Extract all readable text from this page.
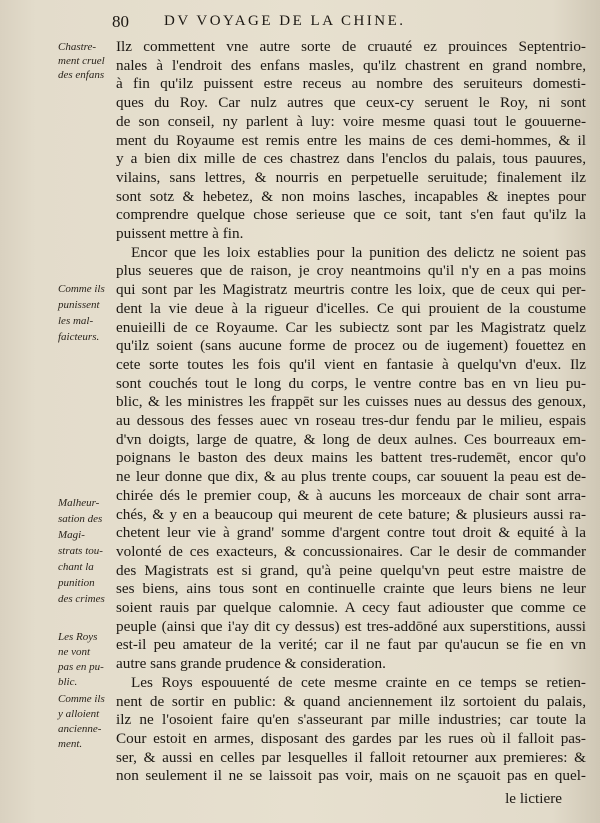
80 DV VOYAGE DE LA CHINE.
Chastre-
ment cruel
des enfans
Comme ils
punissent
les mal-
faicteurs.
Malheur-
sation des
Magi-
strats tou-
chant la
punition
des crimes
Les Roys
ne vont
pas en pu-
blic.
Comme ils
y alloient
ancienne-
ment.

Ilz commettent vne autre sorte de cruauté ez prouinces Septentrio-

nales à l'endroit des enfans masles, qu'ilz chastrent en grand nombre,

à fin qu'ilz puissent estre receus au nombre des seruiteurs domesti-

ques du Roy. Car nulz autres que ceux-cy seruent le Roy, ni sont

de son conseil, ny parlent à luy: voire mesme quasi tout le gouuerne-

ment du Royaume est remis entre les mains de ces demi-hommes, & il

y a bien dix mille de ces chastrez dans l'enclos du palais, tous pauures,

vilains, sans lettres, & nourris en perpetuelle seruitude; finalement ilz

sont sotz & hebetez, & non moins lasches, incapables & ineptes pour

comprendre quelque chose serieuse que ce soit, tant s'en faut qu'ilz la

puissent mettre à fin.

Encor que les loix establies pour la punition des delictz ne soient pas

plus seueres que de raison, je croy neantmoins qu'il n'y en a pas moins

qui sont par les Magistratz meurtris contre les loix, que de ceux qui per-

dent la vie deue à la rigueur d'icelles. Ce qui prouient de la coustume

enuieilli de ce Royaume. Car les subiectz sont par les Magistratz quelz

qu'ilz soient (sans aucune forme de procez ou de iugement) fouettez en

cete sorte toutes les fois qu'il vient en fantasie à quelqu'vn d'eux. Ilz

sont couchés tout le long du corps, le ventre contre bas en vn lieu pu-

blic, & les ministres les frappēt sur les cuisses nues au dessus des genoux,

au dessous des fesses auec vn roseau tres-dur fendu par le milieu, espais

d'vn doigts, large de quatre, & long de deux aulnes. Ces bourreaux em-

poignans le baston des deux mains les battent tres-rudemēt, encor qu'o

ne leur donne que dix, & au plus trente coups, car souuent la peau est de-

chirée dés le premier coup, & à aucuns les morceaux de chair sont arra-

chés, & y en a beaucoup qui meurent de cete bature; & plusieurs aussi ra-

chetent leur vie à grand' somme d'argent contre tout droit & equité à la

volonté de ces exacteurs, & concussionaires. Car le desir de commander

des Magistrats est si grand, qu'à peine quelqu'vn peut estre maistre de

ses biens, ains tous sont en continuelle crainte que leurs biens ne leur

soient rauis par quelque calomnie. A cecy faut adiouster que comme ce

peuple (ainsi que i'ay dit cy dessus) est tres-addōné aux superstitions, aussi

est-il peu amateur de la verité; car il ne faut par qu'aucun se fie en vn

autre sans grande prudence & consideration.

Les Roys espouuenté de cete mesme crainte en ce temps se retien-

nent de sortir en public: & quand anciennement ilz sortoient du palais,

ilz ne l'osoient faire qu'en s'asseurant par mille industries; car toute la

Cour estoit en armes, disposant des gardes par les rues où il falloit pas-

ser, & aussi en celles par lesquelles il falloit retourner aux premieres: &

non seulement il ne se laissoit pas voir, mais on ne sçauoit pas en quel-

le lictiere
